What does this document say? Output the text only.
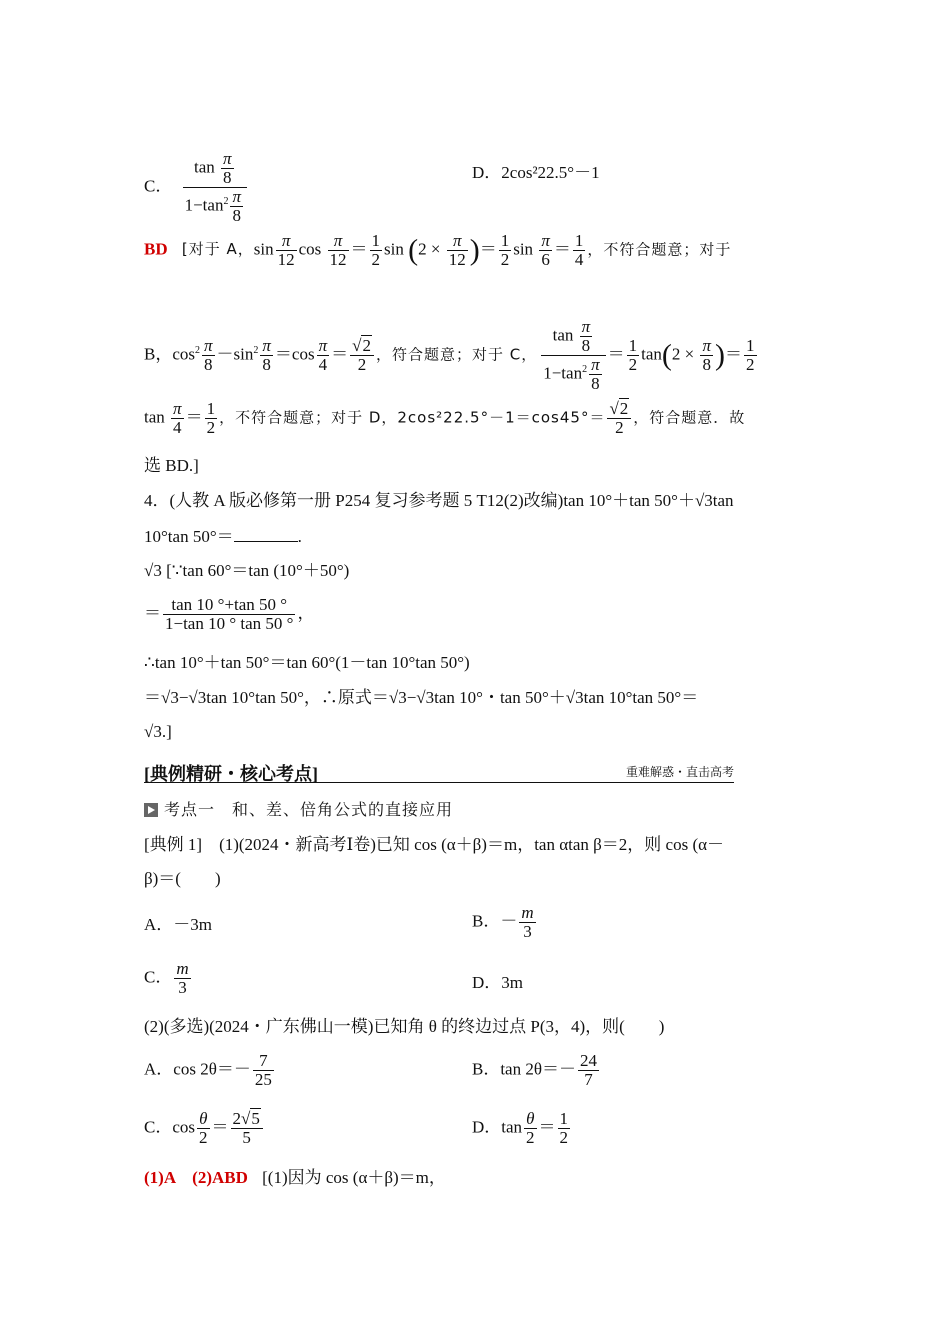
C． $\frac{\tan \frac{\pi}{8}}{1-\tan^2 \frac{\pi}{8}}$	D．2cos²22.5°－1
BD [对于 A，$\sin \frac{\pi}{12}$ $\cos \frac{\pi}{12} = \frac{1}{2}$ $\sin (2 \times \frac{\pi}{12}$ )＝ $\frac{1}{2}$ $\sin \frac{\pi}{6} = \frac{1}{4}$ ，不符合题意；对于
B，$\cos^2 \frac{\pi}{8} -\sin^2 \frac{\pi}{8} =\cos \frac{\pi}{4} = \frac{√2}{2}$ ，符合题意；对于 C， $\frac{\tan \frac{\pi}{8}}{1-\tan^2 \frac{\pi}{8}} = \frac{1}{2} \tan(2 \times \frac{\pi}{8}$ )＝ $\frac{1}{2}$
$\tan \frac{\pi}{4} = \frac{1}{2}$ ，不符合题意；对于 D，$2\cos^222.5^\circ-1=\cos 45^\circ= \frac{√2}{2}$ ，符合题意．故
选 BD.]
4．(人教 A 版必修第一册 P254 复习参考题 5 T12(2)改编)tan 10°＋tan 50°＋√3tan
10°tan 50°＝	.
√3 [∵tan 60°＝tan (10°＋50°)
＝ $\frac{\tan 10 ^\circ+\tan 50 ^\circ}{1-\tan 10 ^\circ \tan 50 ^\circ}$ ，
∴tan 10°＋tan 50°＝tan 60°(1－tan 10°tan 50°)
＝√3−√3tan 10°tan 50°，∴原式＝√3−√3tan 10°・tan 50°＋√3tan 10°tan 50°＝
√3.]
[典例精研・核心考点]	重难解惑・直击高考
考点一　和、差、倍角公式的直接应用
[典例 1]　(1)(2024・新高考Ⅰ卷)已知 cos (α＋β)＝m，tan αtan β＝2，则 cos (α－
β)＝(　　)
A．－3m	B．－ $\frac{m}{3}$
C． $\frac{m}{3}$	D．3m
(2)(多选)(2024・广东佛山一模)已知角 θ 的终边过点 P(3，4)，则(　　)
A．$\cos 2\theta=- \frac{7}{25}$	B．$\tan 2\theta=- \frac{24}{7}$
C．$\cos \frac{\theta}{2} = \frac{2√5}{5}$	D．$\tan \frac{\theta}{2} = \frac{1}{2}$
(1)A　(2)ABD [(1)因为 cos (α＋β)＝m，
